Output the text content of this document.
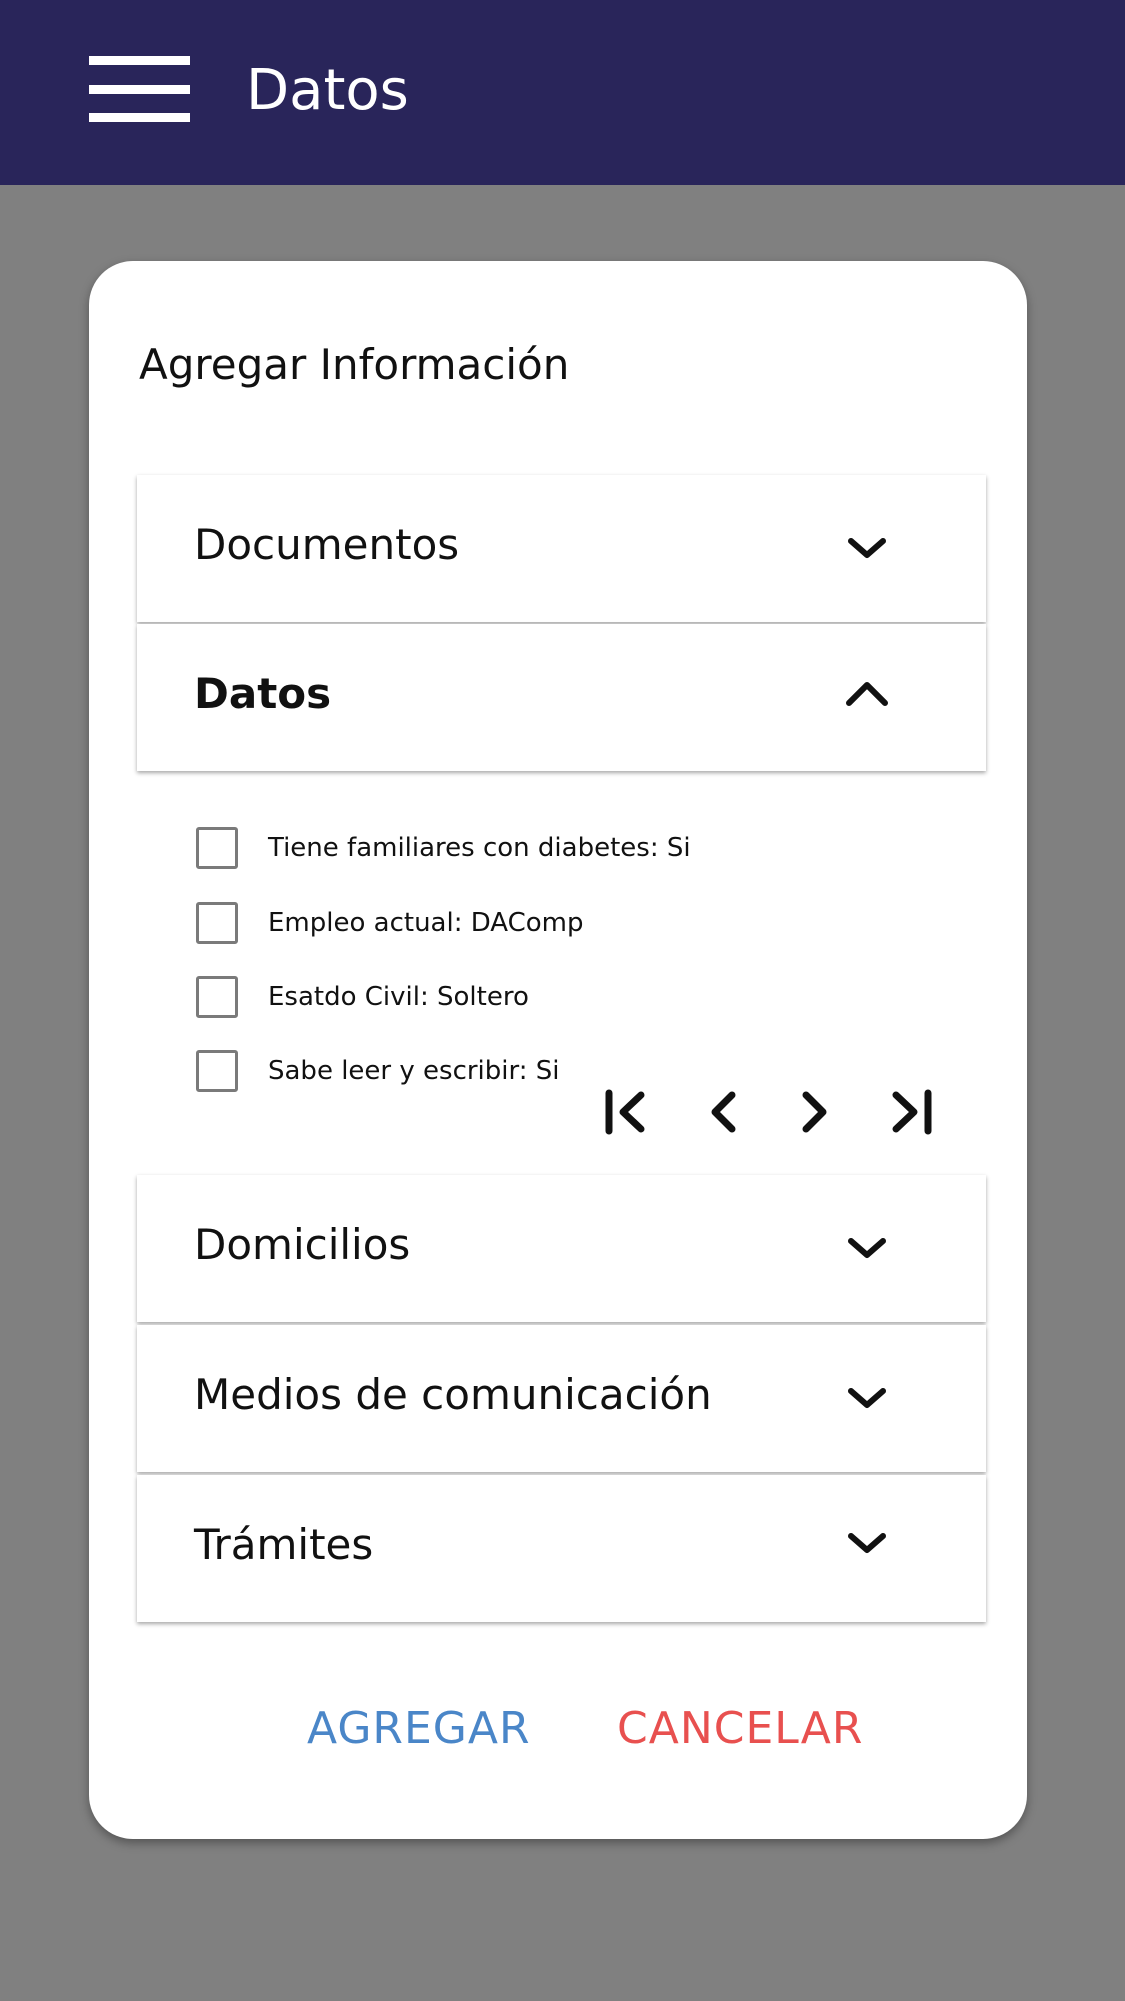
Datos
Agregar Información
Documentos
Datos
Tiene familiares con diabetes: Si
Empleo actual: DAComp
Esatdo Civil: Soltero
Sabe leer y escribir: Si
Domicilios
Medios de comunicación
Trámites
AGREGAR CANCELAR
